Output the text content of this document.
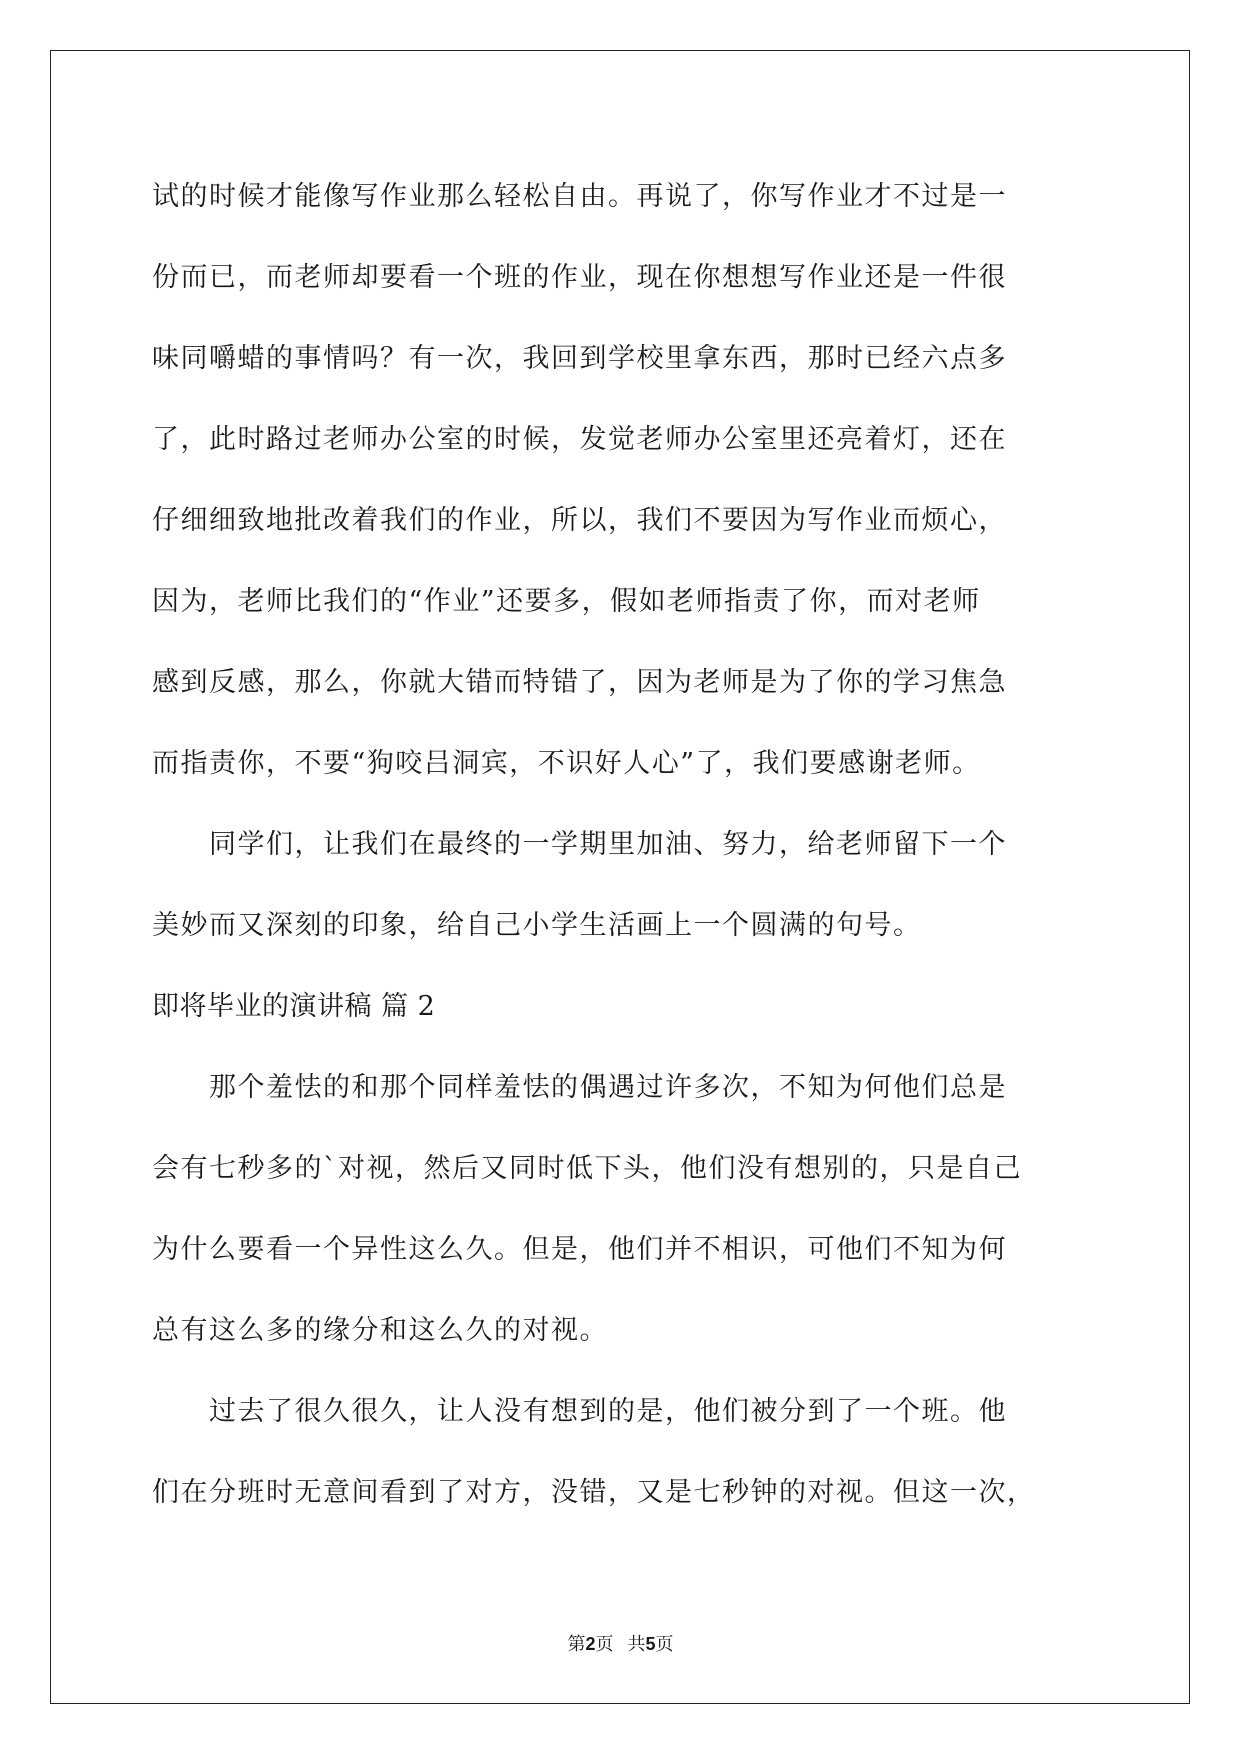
试的时候才能像写作业那么轻松自由。再说了，你写作业才不过是一
份而已，而老师却要看一个班的作业，现在你想想写作业还是一件很
味同嚼蜡的事情吗？有一次，我回到学校里拿东西，那时已经六点多
了，此时路过老师办公室的时候，发觉老师办公室里还亮着灯，还在
仔细细致地批改着我们的作业，所以，我们不要因为写作业而烦心，
因为，老师比我们的“作业”还要多，假如老师指责了你，而对老师
感到反感，那么，你就大错而特错了，因为老师是为了你的学习焦急
而指责你，不要“狗咬吕洞宾，不识好人心”了，我们要感谢老师。
　　同学们，让我们在最终的一学期里加油、努力，给老师留下一个
美妙而又深刻的印象，给自己小学生活画上一个圆满的句号。
即将毕业的演讲稿 篇 2
　　那个羞怯的和那个同样羞怯的偶遇过许多次，不知为何他们总是
会有七秒多的`对视，然后又同时低下头，他们没有想别的，只是自己
为什么要看一个异性这么久。但是，他们并不相识，可他们不知为何
总有这么多的缘分和这么久的对视。
　　过去了很久很久，让人没有想到的是，他们被分到了一个班。他
们在分班时无意间看到了对方，没错，又是七秒钟的对视。但这一次，
第2页 共5页
